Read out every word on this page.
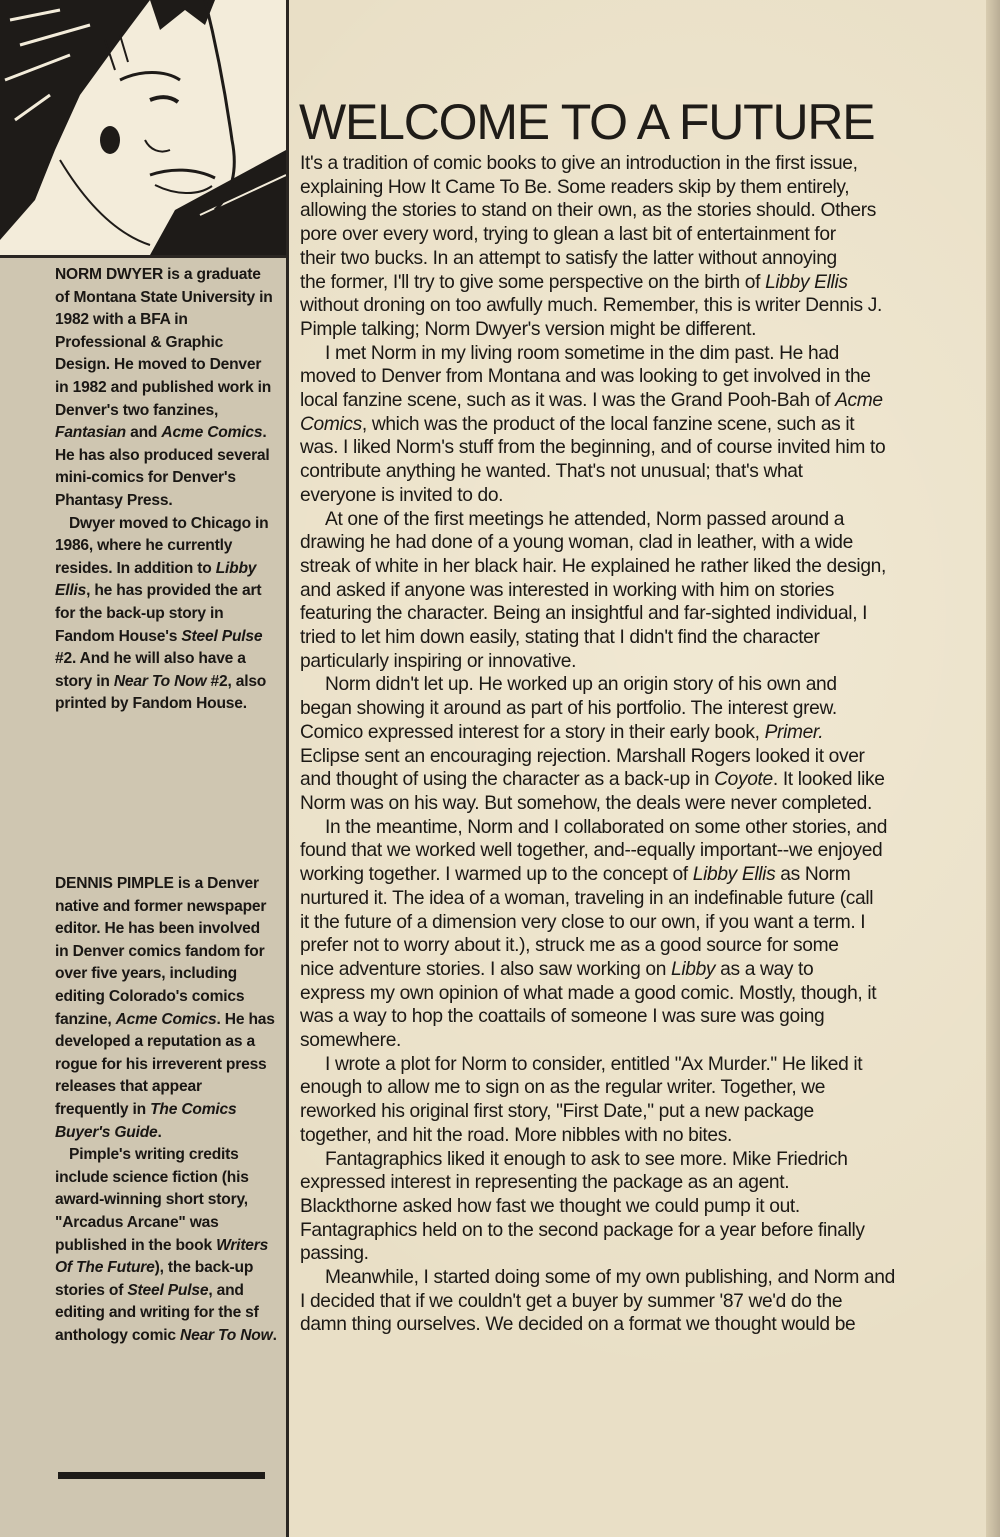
NORM DWYER is a graduate of Montana State University in 1982 with a BFA in Professional & Graphic Design. He moved to Denver in 1982 and published work in Denver's two fanzines, Fantasian and Acme Comics. He has also produced several mini-comics for Denver's Phantasy Press.

Dwyer moved to Chicago in 1986, where he currently resides. In addition to Libby Ellis, he has provided the art for the back-up story in Fandom House's Steel Pulse #2. And he will also have a story in Near To Now #2, also printed by Fandom House.

DENNIS PIMPLE is a Denver native and former newspaper editor. He has been involved in Denver comics fandom for over five years, including editing Colorado's comics fanzine, Acme Comics. He has developed a reputation as a rogue for his irreverent press releases that appear frequently in The Comics Buyer's Guide.

Pimple's writing credits include science fiction (his award-winning short story, "Arcadus Arcane" was published in the book Writers Of The Future), the back-up stories of Steel Pulse, and editing and writing for the sf anthology comic Near To Now.

WELCOME TO A FUTURE
It's a tradition of comic books to give an introduction in the first issue,
explaining How It Came To Be. Some readers skip by them entirely,
allowing the stories to stand on their own, as the stories should. Others
pore over every word, trying to glean a last bit of entertainment for
their two bucks. In an attempt to satisfy the latter without annoying
the former, I'll try to give some perspective on the birth of Libby Ellis
without droning on too awfully much. Remember, this is writer Dennis J.
Pimple talking; Norm Dwyer's version might be different.
I met Norm in my living room sometime in the dim past. He had
moved to Denver from Montana and was looking to get involved in the
local fanzine scene, such as it was. I was the Grand Pooh-Bah of Acme
Comics, which was the product of the local fanzine scene, such as it
was. I liked Norm's stuff from the beginning, and of course invited him to
contribute anything he wanted. That's not unusual; that's what
everyone is invited to do.
At one of the first meetings he attended, Norm passed around a
drawing he had done of a young woman, clad in leather, with a wide
streak of white in her black hair. He explained he rather liked the design,
and asked if anyone was interested in working with him on stories
featuring the character. Being an insightful and far-sighted individual, I
tried to let him down easily, stating that I didn't find the character
particularly inspiring or innovative.
Norm didn't let up. He worked up an origin story of his own and
began showing it around as part of his portfolio. The interest grew.
Comico expressed interest for a story in their early book, Primer.
Eclipse sent an encouraging rejection. Marshall Rogers looked it over
and thought of using the character as a back-up in Coyote. It looked like
Norm was on his way. But somehow, the deals were never completed.
In the meantime, Norm and I collaborated on some other stories, and
found that we worked well together, and--equally important--we enjoyed
working together. I warmed up to the concept of Libby Ellis as Norm
nurtured it. The idea of a woman, traveling in an indefinable future (call
it the future of a dimension very close to our own, if you want a term. I
prefer not to worry about it.), struck me as a good source for some
nice adventure stories. I also saw working on Libby as a way to
express my own opinion of what made a good comic. Mostly, though, it
was a way to hop the coattails of someone I was sure was going
somewhere.
I wrote a plot for Norm to consider, entitled "Ax Murder." He liked it
enough to allow me to sign on as the regular writer. Together, we
reworked his original first story, "First Date," put a new package
together, and hit the road. More nibbles with no bites.
Fantagraphics liked it enough to ask to see more. Mike Friedrich
expressed interest in representing the package as an agent.
Blackthorne asked how fast we thought we could pump it out.
Fantagraphics held on to the second package for a year before finally
passing.
Meanwhile, I started doing some of my own publishing, and Norm and
I decided that if we couldn't get a buyer by summer '87 we'd do the
damn thing ourselves. We decided on a format we thought would be
